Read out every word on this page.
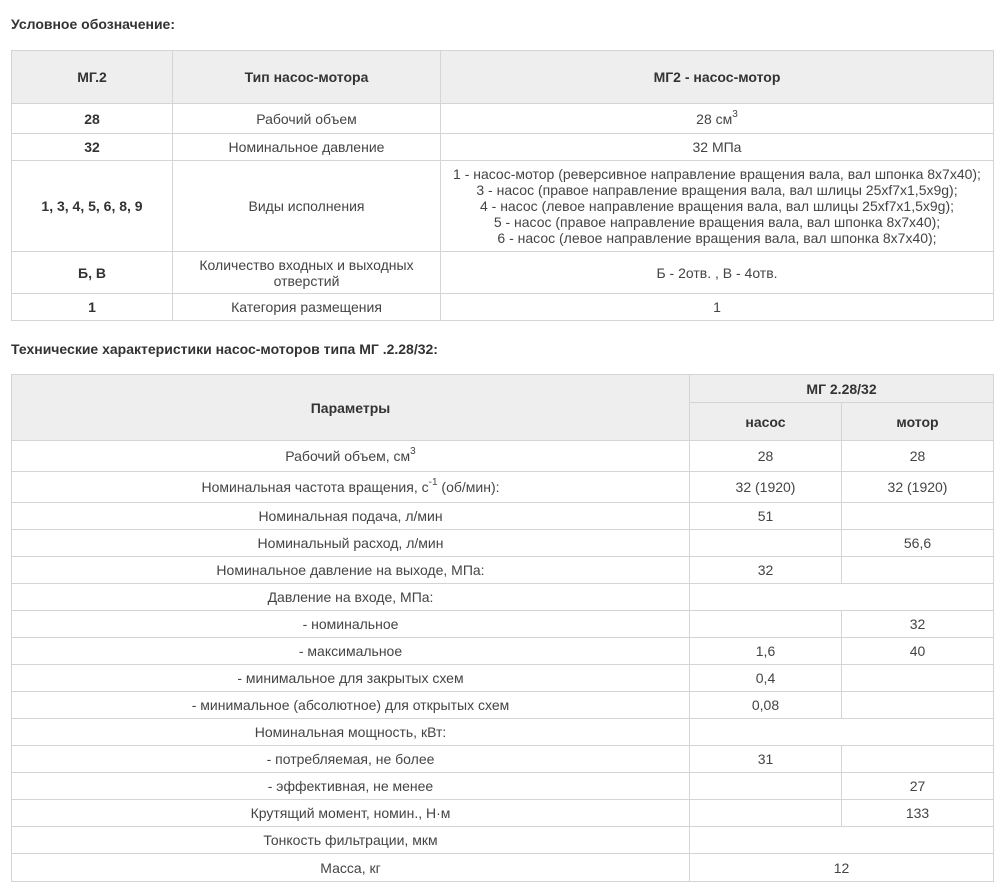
Условное обозначение:
МГ.2	Тип насос-мотора	МГ2 - насос-мотор
28	Рабочий объем	28 $см^3$
32	Номинальное давление	32 МПа
1, 3, 4, 5, 6, 8, 9	Виды исполнения	1 - насос-мотор (реверсивное направление вращения вала, вал шпонка 8х7х40);
3 - насос (правое направление вращения вала, вал шлицы 25xf7x1,5x9g);
4 - насос (левое направление вращения вала, вал шлицы 25xf7x1,5x9g);
5 - насос (правое направление вращения вала, вал шпонка 8х7х40);
6 - насос (левое направление вращения вала, вал шпонка 8х7х40);

Б, В	Количество входных и выходных отверстий	Б - 2отв. , В - 4отв.
1	Категория размещения	1
Технические характеристики насос-моторов типа МГ .2.28/32:
Параметры	МГ 2.28/32	
	насос	мотор
Рабочий объем, $см^3$	28	28
Номинальная частота вращения, $с^{-1}$ (об/мин):	32 (1920)	32 (1920)
Номинальная подача, л/мин	51	
Номинальный расход, л/мин		56,6
Номинальное давление на выходе, МПа:	32	
Давление на входе, МПа:		
- номинальное		32
- максимальное	1,6	40
- минимальное для закрытых схем	0,4	
- минимальное (абсолютное) для открытых схем	0,08	
Номинальная мощность, кВт:		
- потребляемая, не более	31	
- эффективная, не менее		27
Крутящий момент, номин., Н·м		133
Тонкость фильтрации, мкм		
Масса, кг	12	
